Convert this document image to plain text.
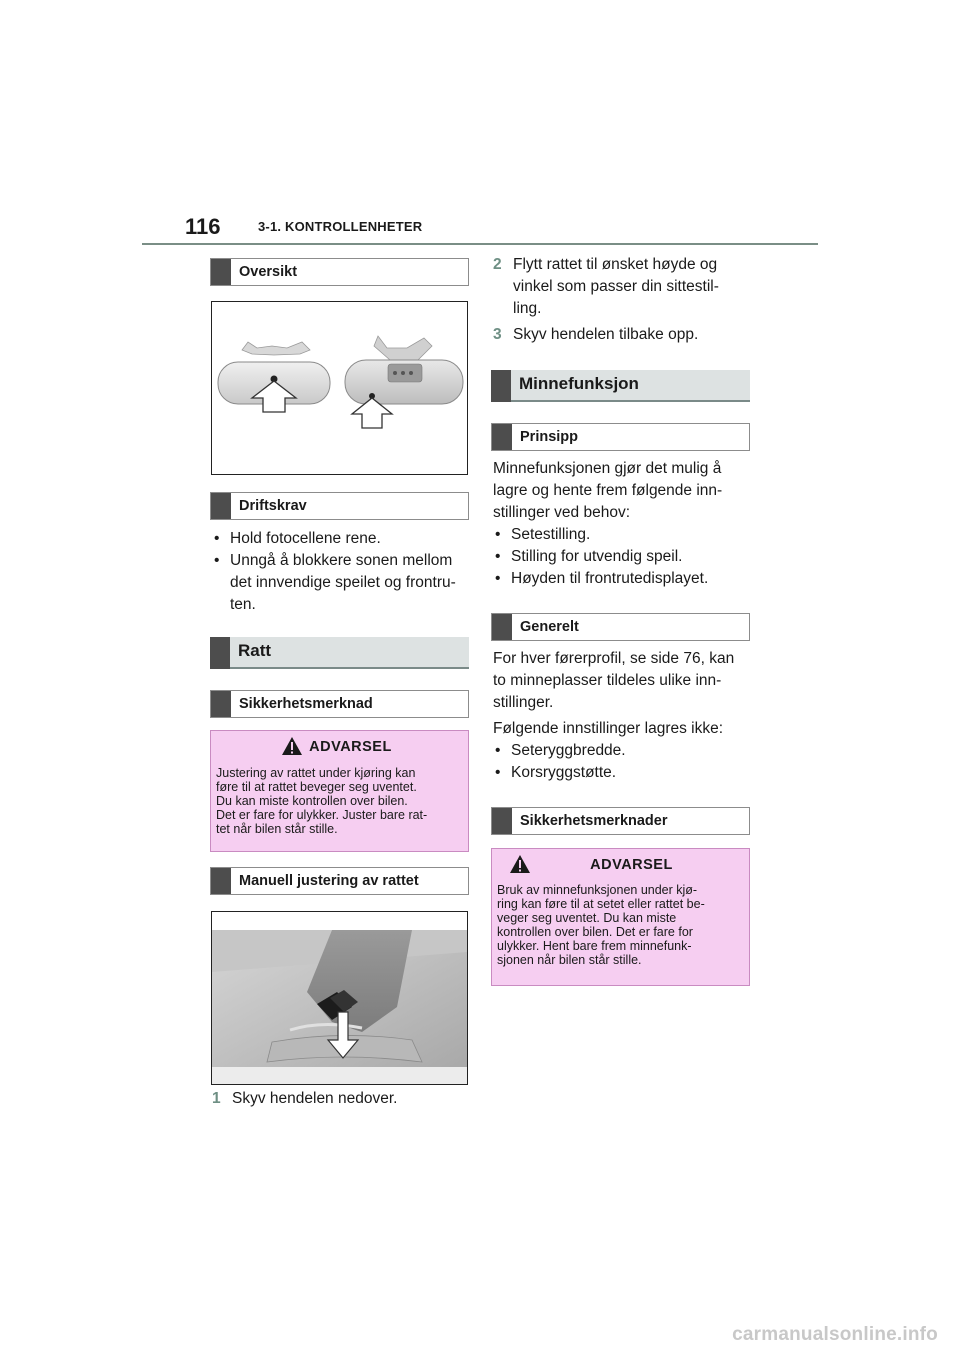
116	3-1. KONTROLLENHETER
Oversikt
Driftskrav
• Hold fotocellene rene.
• Unngå å blokkere sonen mellom det innvendige speilet og frontru-ten.
Ratt
Sikkerhetsmerknad
ADVARSEL
Justering av rattet under kjøring kan
føre til at rattet beveger seg uventet.
Du kan miste kontrollen over bilen.
Det er fare for ulykker. Juster bare rat-
tet når bilen står stille.
Manuell justering av rattet
1 Skyv hendelen nedover.
2 Flytt rattet til ønsket høyde og
vinkel som passer din sittestil-
ling.
3 Skyv hendelen tilbake opp.
Minnefunksjon
Prinsipp
Minnefunksjonen gjør det mulig å
lagre og hente frem følgende inn-
stillinger ved behov:
• Setestilling.
• Stilling for utvendig speil.
• Høyden til frontrutedisplayet.
Generelt
For hver førerprofil, se side 76, kan
to minneplasser tildeles ulike inn-
stillinger.
Følgende innstillinger lagres ikke:
• Seteryggbredde.
• Korsryggstøtte.
Sikkerhetsmerknader
ADVARSEL
Bruk av minnefunksjonen under kjø-
ring kan føre til at setet eller rattet be-
veger seg uventet. Du kan miste
kontrollen over bilen. Det er fare for
ulykker. Hent bare frem minnefunk-
sjonen når bilen står stille.
carmanualsonline.info
